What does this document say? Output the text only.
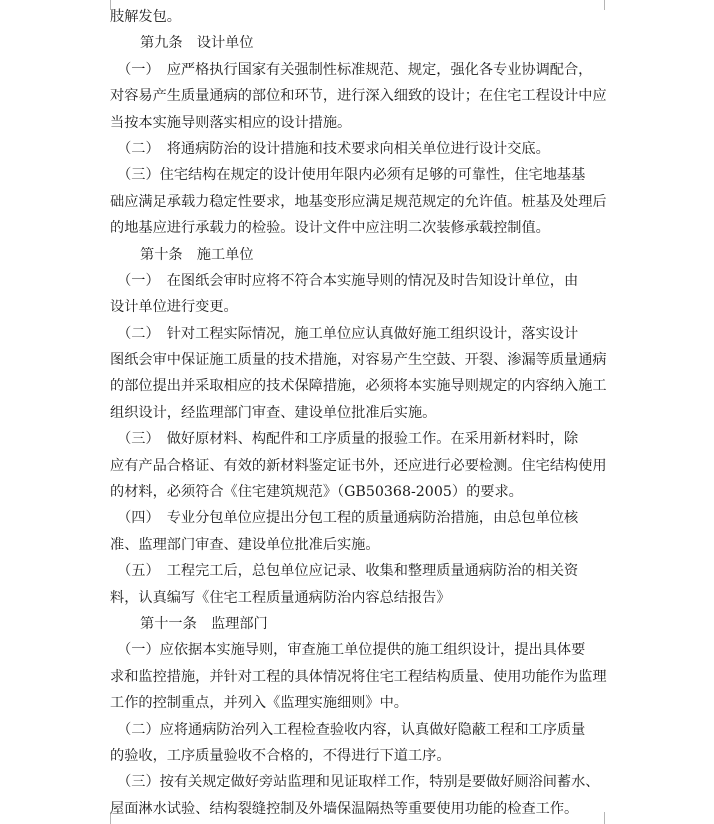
肢解发包。
第九条　设计单位
　（一）　应严格执行国家有关强制性标准规范、规定，强化各专业协调配合，
对容易产生质量通病的部位和环节，进行深入细致的设计；在住宅工程设计中应
当按本实施导则落实相应的设计措施。
　（二）　将通病防治的设计措施和技术要求向相关单位进行设计交底。
　（三）住宅结构在规定的设计使用年限内必须有足够的可靠性，住宅地基基
础应满足承载力稳定性要求，地基变形应满足规范规定的允许值。桩基及处理后
的地基应进行承载力的检验。设计文件中应注明二次装修承载控制值。
第十条　施工单位
　（一）　在图纸会审时应将不符合本实施导则的情况及时告知设计单位，由
设计单位进行变更。
　（二）　针对工程实际情况，施工单位应认真做好施工组织设计，落实设计
图纸会审中保证施工质量的技术措施，对容易产生空鼓、开裂、渗漏等质量通病
的部位提出并采取相应的技术保障措施，必须将本实施导则规定的内容纳入施工
组织设计，经监理部门审查、建设单位批准后实施。
　（三）　做好原材料、构配件和工序质量的报验工作。在采用新材料时，除
应有产品合格证、有效的新材料鉴定证书外，还应进行必要检测。住宅结构使用
的材料，必须符合《住宅建筑规范》（GB50368-2005）的要求。
　（四）　专业分包单位应提出分包工程的质量通病防治措施，由总包单位核
准、监理部门审查、建设单位批准后实施。
　（五）　工程完工后，总包单位应记录、收集和整理质量通病防治的相关资
料，认真编写《住宅工程质量通病防治内容总结报告》
第十一条　监理部门
　（一）应依据本实施导则，审查施工单位提供的施工组织设计，提出具体要
求和监控措施，并针对工程的具体情况将住宅工程结构质量、使用功能作为监理
工作的控制重点，并列入《监理实施细则》中。
　（二）应将通病防治列入工程检查验收内容，认真做好隐蔽工程和工序质量
的验收，工序质量验收不合格的，不得进行下道工序。
　（三）按有关规定做好旁站监理和见证取样工作，特别是要做好厕浴间蓄水、
屋面淋水试验、结构裂缝控制及外墙保温隔热等重要使用功能的检查工作。
